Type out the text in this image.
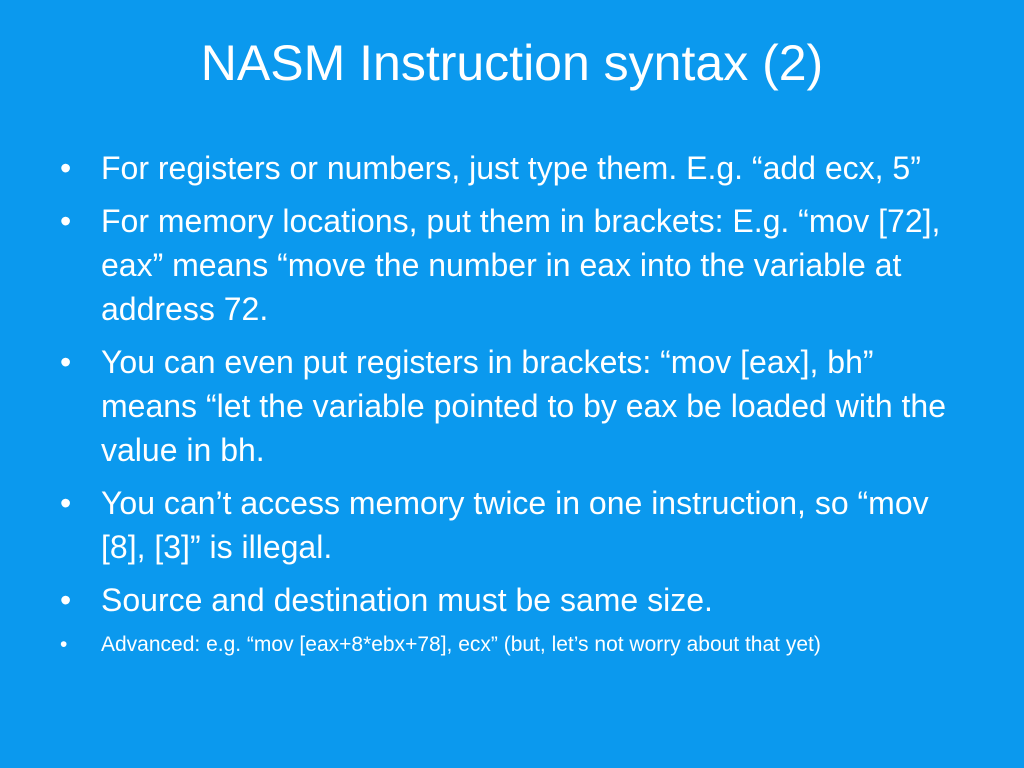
NASM Instruction syntax (2)
• For registers or numbers, just type them. E.g. “add ecx, 5”
• For memory locations, put them in brackets: E.g. “mov [72], eax” means “move the number in eax into the variable at address 72.
• You can even put registers in brackets: “mov [eax], bh” means “let the variable pointed to by eax be loaded with the value in bh.
• You can’t access memory twice in one instruction, so “mov [8], [3]” is illegal.
• Source and destination must be same size.
• Advanced: e.g. “mov [eax+8*ebx+78], ecx” (but, let’s not worry about that yet)
